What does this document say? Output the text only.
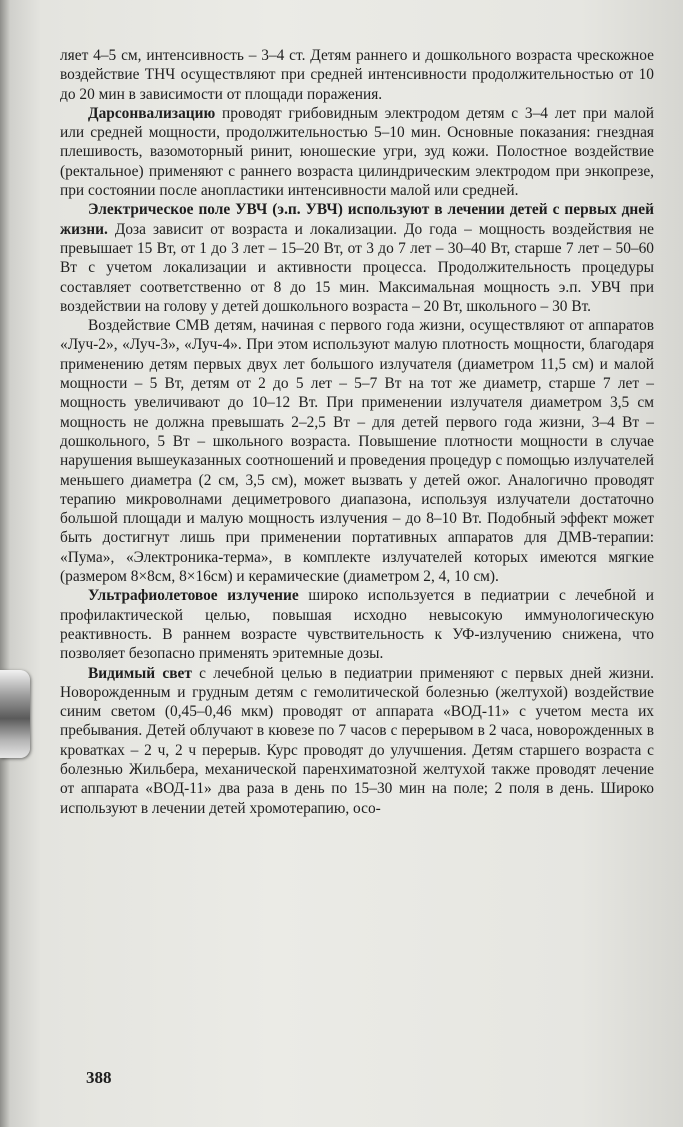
ляет 4–5 см, интенсивность – 3–4 ст. Детям раннего и дошкольного возраста чрескожное воздействие ТНЧ осуществляют при средней интенсивности продолжительностью от 10 до 20 мин в зависимости от площади поражения.

Дарсонвализацию проводят грибовидным электродом детям с 3–4 лет при малой или средней мощности, продолжительностью 5–10 мин. Основные показания: гнездная плешивость, вазомоторный ринит, юношеские угри, зуд кожи. Полостное воздействие (ректальное) применяют с раннего возраста цилиндрическим электродом при энкопрезе, при состоянии после анопластики интенсивности малой или средней.

Электрическое поле УВЧ (э.п. УВЧ) используют в лечении детей с первых дней жизни. Доза зависит от возраста и локализации. До года – мощность воздействия не превышает 15 Вт, от 1 до 3 лет – 15–20 Вт, от 3 до 7 лет – 30–40 Вт, старше 7 лет – 50–60 Вт с учетом локализации и активности процесса. Продолжительность процедуры составляет соответственно от 8 до 15 мин. Максимальная мощность э.п. УВЧ при воздействии на голову у детей дошкольного возраста – 20 Вт, школьного – 30 Вт.

Воздействие СМВ детям, начиная с первого года жизни, осуществляют от аппаратов «Луч-2», «Луч-3», «Луч-4». При этом используют малую плотность мощности, благодаря применению детям первых двух лет большого излучателя (диаметром 11,5 см) и малой мощности – 5 Вт, детям от 2 до 5 лет – 5–7 Вт на тот же диаметр, старше 7 лет – мощность увеличивают до 10–12 Вт. При применении излучателя диаметром 3,5 см мощность не должна превышать 2–2,5 Вт – для детей первого года жизни, 3–4 Вт – дошкольного, 5 Вт – школьного возраста. Повышение плотности мощности в случае нарушения вышеуказанных соотношений и проведения процедур с помощью излучателей меньшего диаметра (2 см, 3,5 см), может вызвать у детей ожог. Аналогично проводят терапию микроволнами дециметрового диапазона, используя излучатели достаточно большой площади и малую мощность излучения – до 8–10 Вт. Подобный эффект может быть достигнут лишь при применении портативных аппаратов для ДМВ-терапии: «Пума», «Электроника-терма», в комплекте излучателей которых имеются мягкие (размером 8×8см, 8×16см) и керамические (диаметром 2, 4, 10 см).

Ультрафиолетовое излучение широко используется в педиатрии с лечебной и профилактической целью, повышая исходно невысокую иммунологическую реактивность. В раннем возрасте чувствительность к УФ-излучению снижена, что позволяет безопасно применять эритемные дозы.

Видимый свет с лечебной целью в педиатрии применяют с первых дней жизни. Новорожденным и грудным детям с гемолитической болезнью (желтухой) воздействие синим светом (0,45–0,46 мкм) проводят от аппарата «ВОД-11» с учетом места их пребывания. Детей облучают в кювезе по 7 часов с перерывом в 2 часа, новорожденных в кроватках – 2 ч, 2 ч перерыв. Курс проводят до улучшения. Детям старшего возраста с болезнью Жильбера, механической паренхиматозной желтухой также проводят лечение от аппарата «ВОД-11» два раза в день по 15–30 мин на поле; 2 поля в день. Широко используют в лечении детей хромотерапию, осо-

388
